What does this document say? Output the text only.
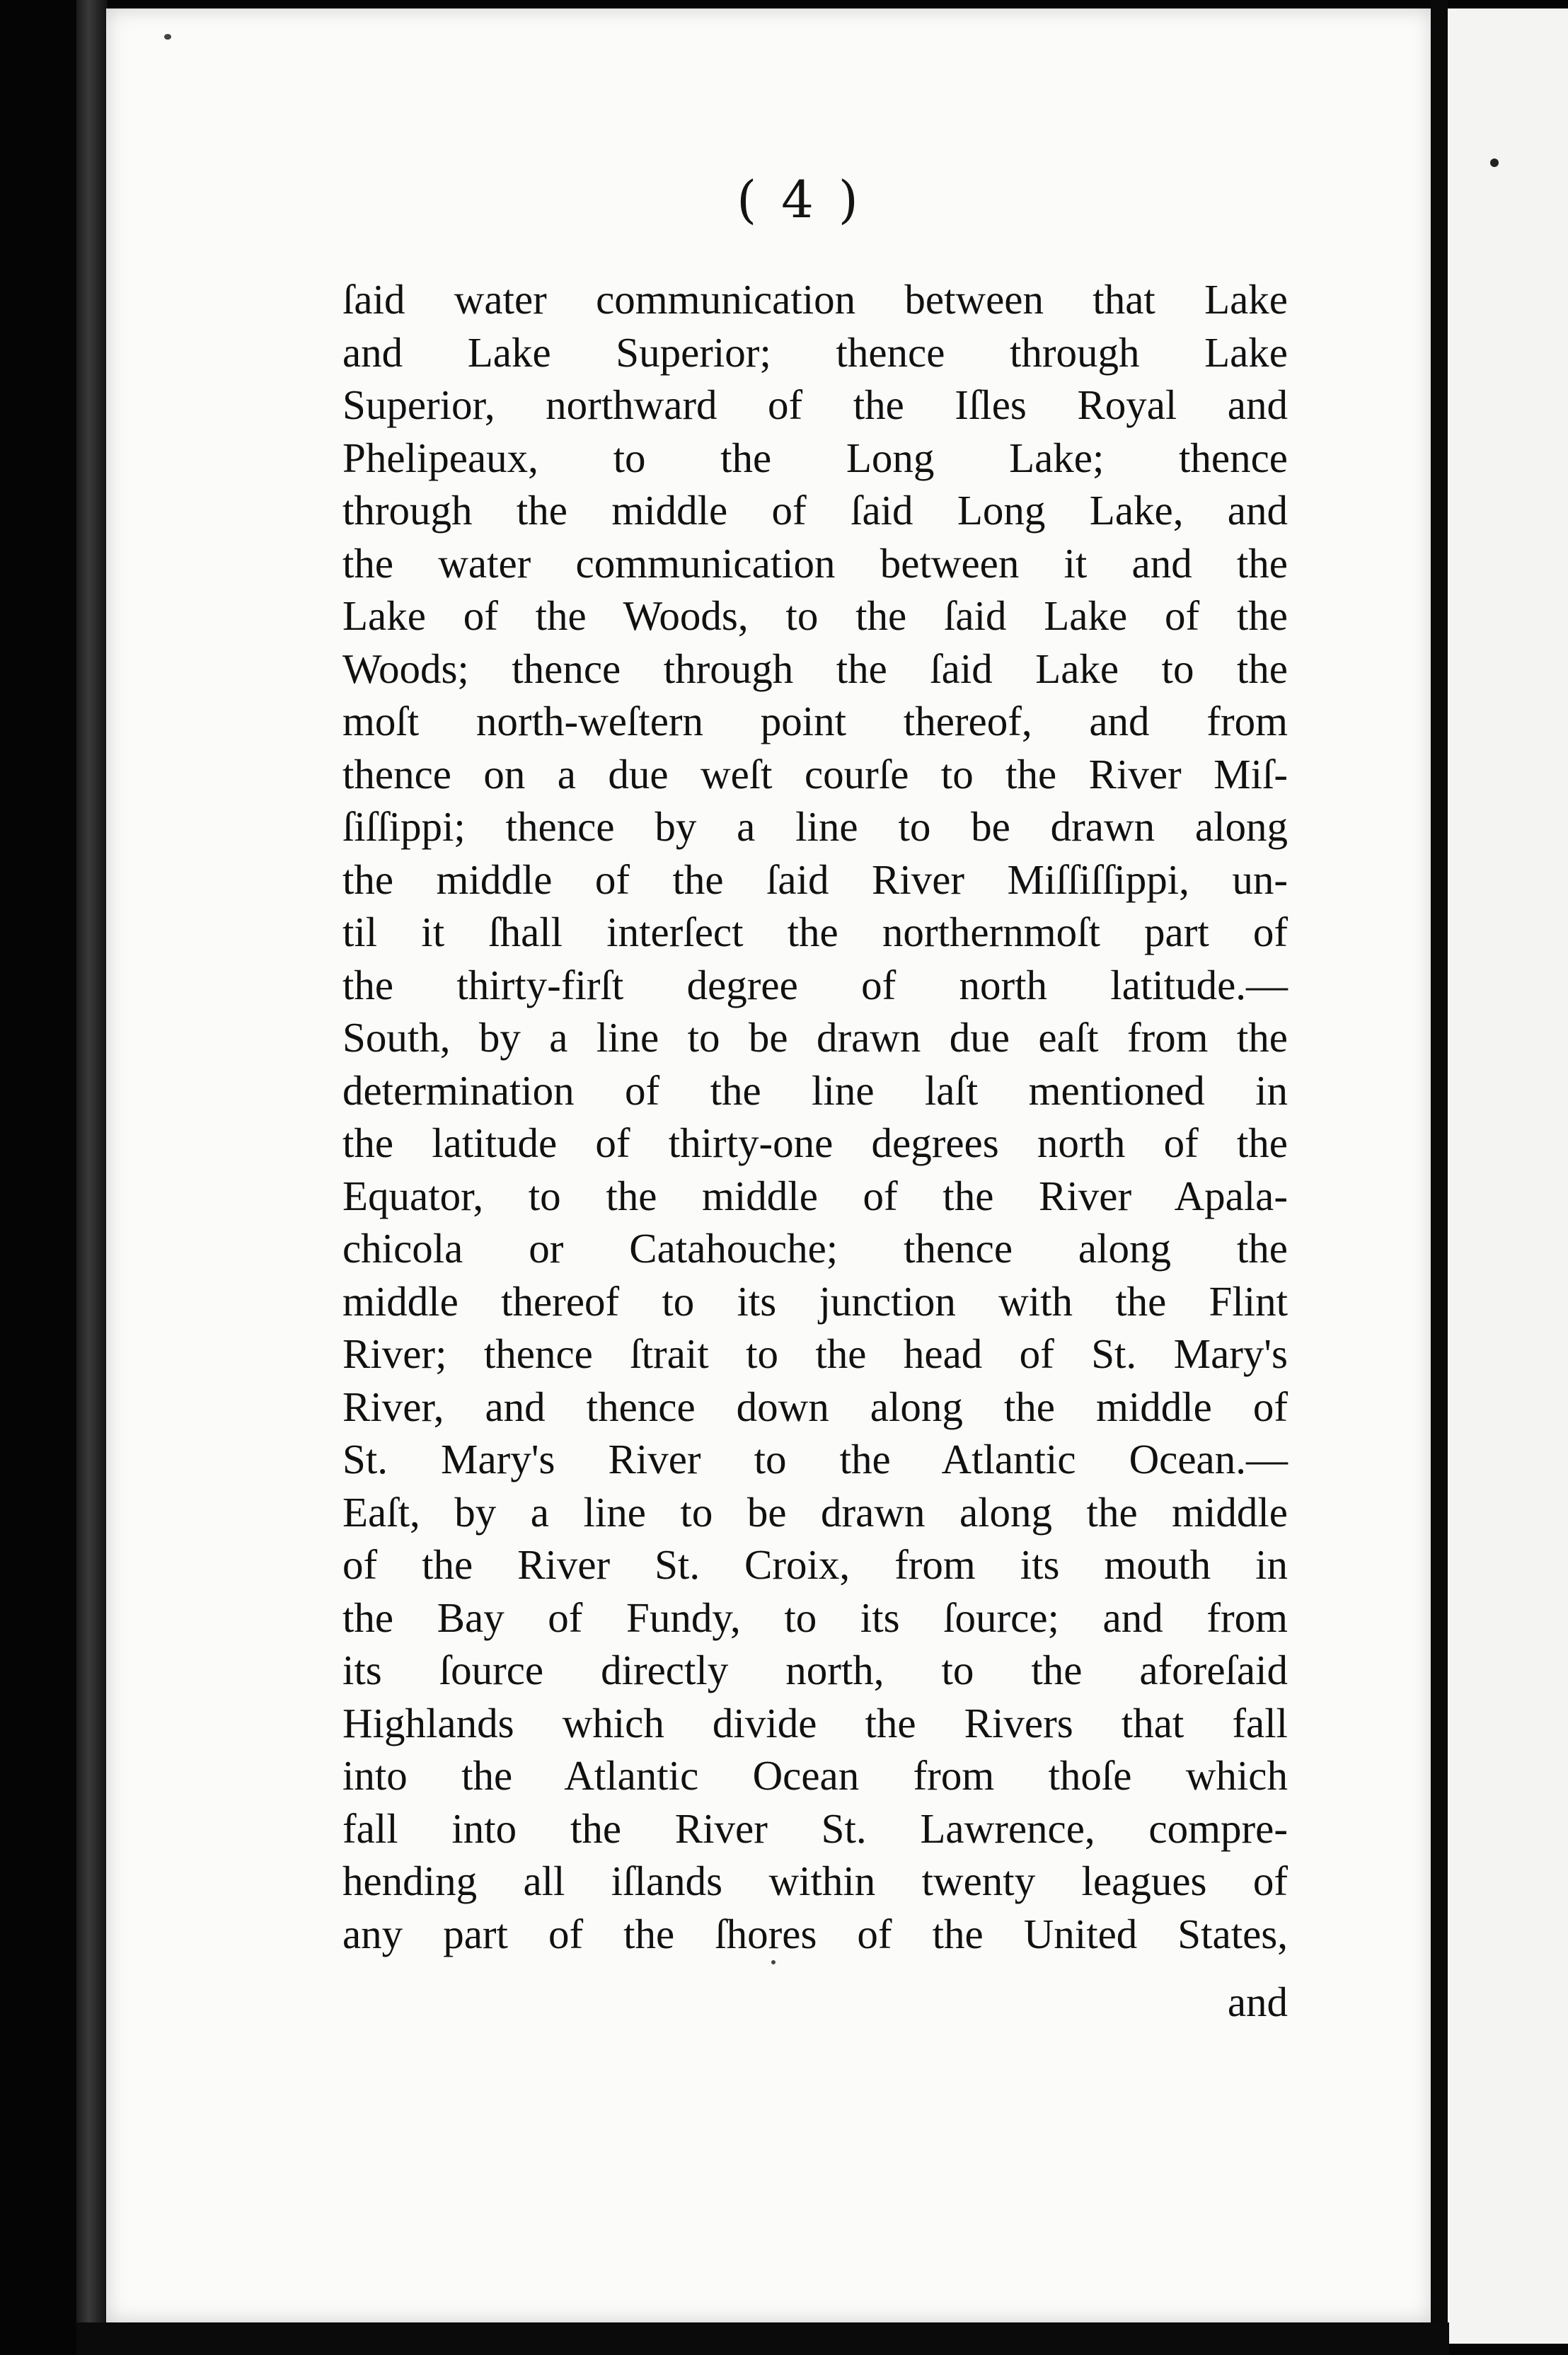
( 4 )
ſaid water communication between that Lake
and Lake Superior; thence through Lake
Superior, northward of the Iſles Royal and
Phelipeaux, to the Long Lake; thence
through the middle of ſaid Long Lake, and
the water communication between it and the
Lake of the Woods, to the ſaid Lake of the
Woods; thence through the ſaid Lake to the
moſt north-weſtern point thereof, and from
thence on a due weſt courſe to the River Miſ-
ſiſſippi; thence by a line to be drawn along
the middle of the ſaid River Miſſiſſippi, un-
til it ſhall interſect the northernmoſt part of
the thirty-firſt degree of north latitude.—
South, by a line to be drawn due eaſt from the
determination of the line laſt mentioned in
the latitude of thirty-one degrees north of the
Equator, to the middle of the River Apala-
chicola or Catahouche; thence along the
middle thereof to its junction with the Flint
River; thence ſtrait to the head of St. Mary's
River, and thence down along the middle of
St. Mary's River to the Atlantic Ocean.—
Eaſt, by a line to be drawn along the middle
of the River St. Croix, from its mouth in
the Bay of Fundy, to its ſource; and from
its ſource directly north, to the aforeſaid
Highlands which divide the Rivers that fall
into the Atlantic Ocean from thoſe which
fall into the River St. Lawrence, compre-
hending all iſlands within twenty leagues of
any part of the ſhores of the United States,
and
